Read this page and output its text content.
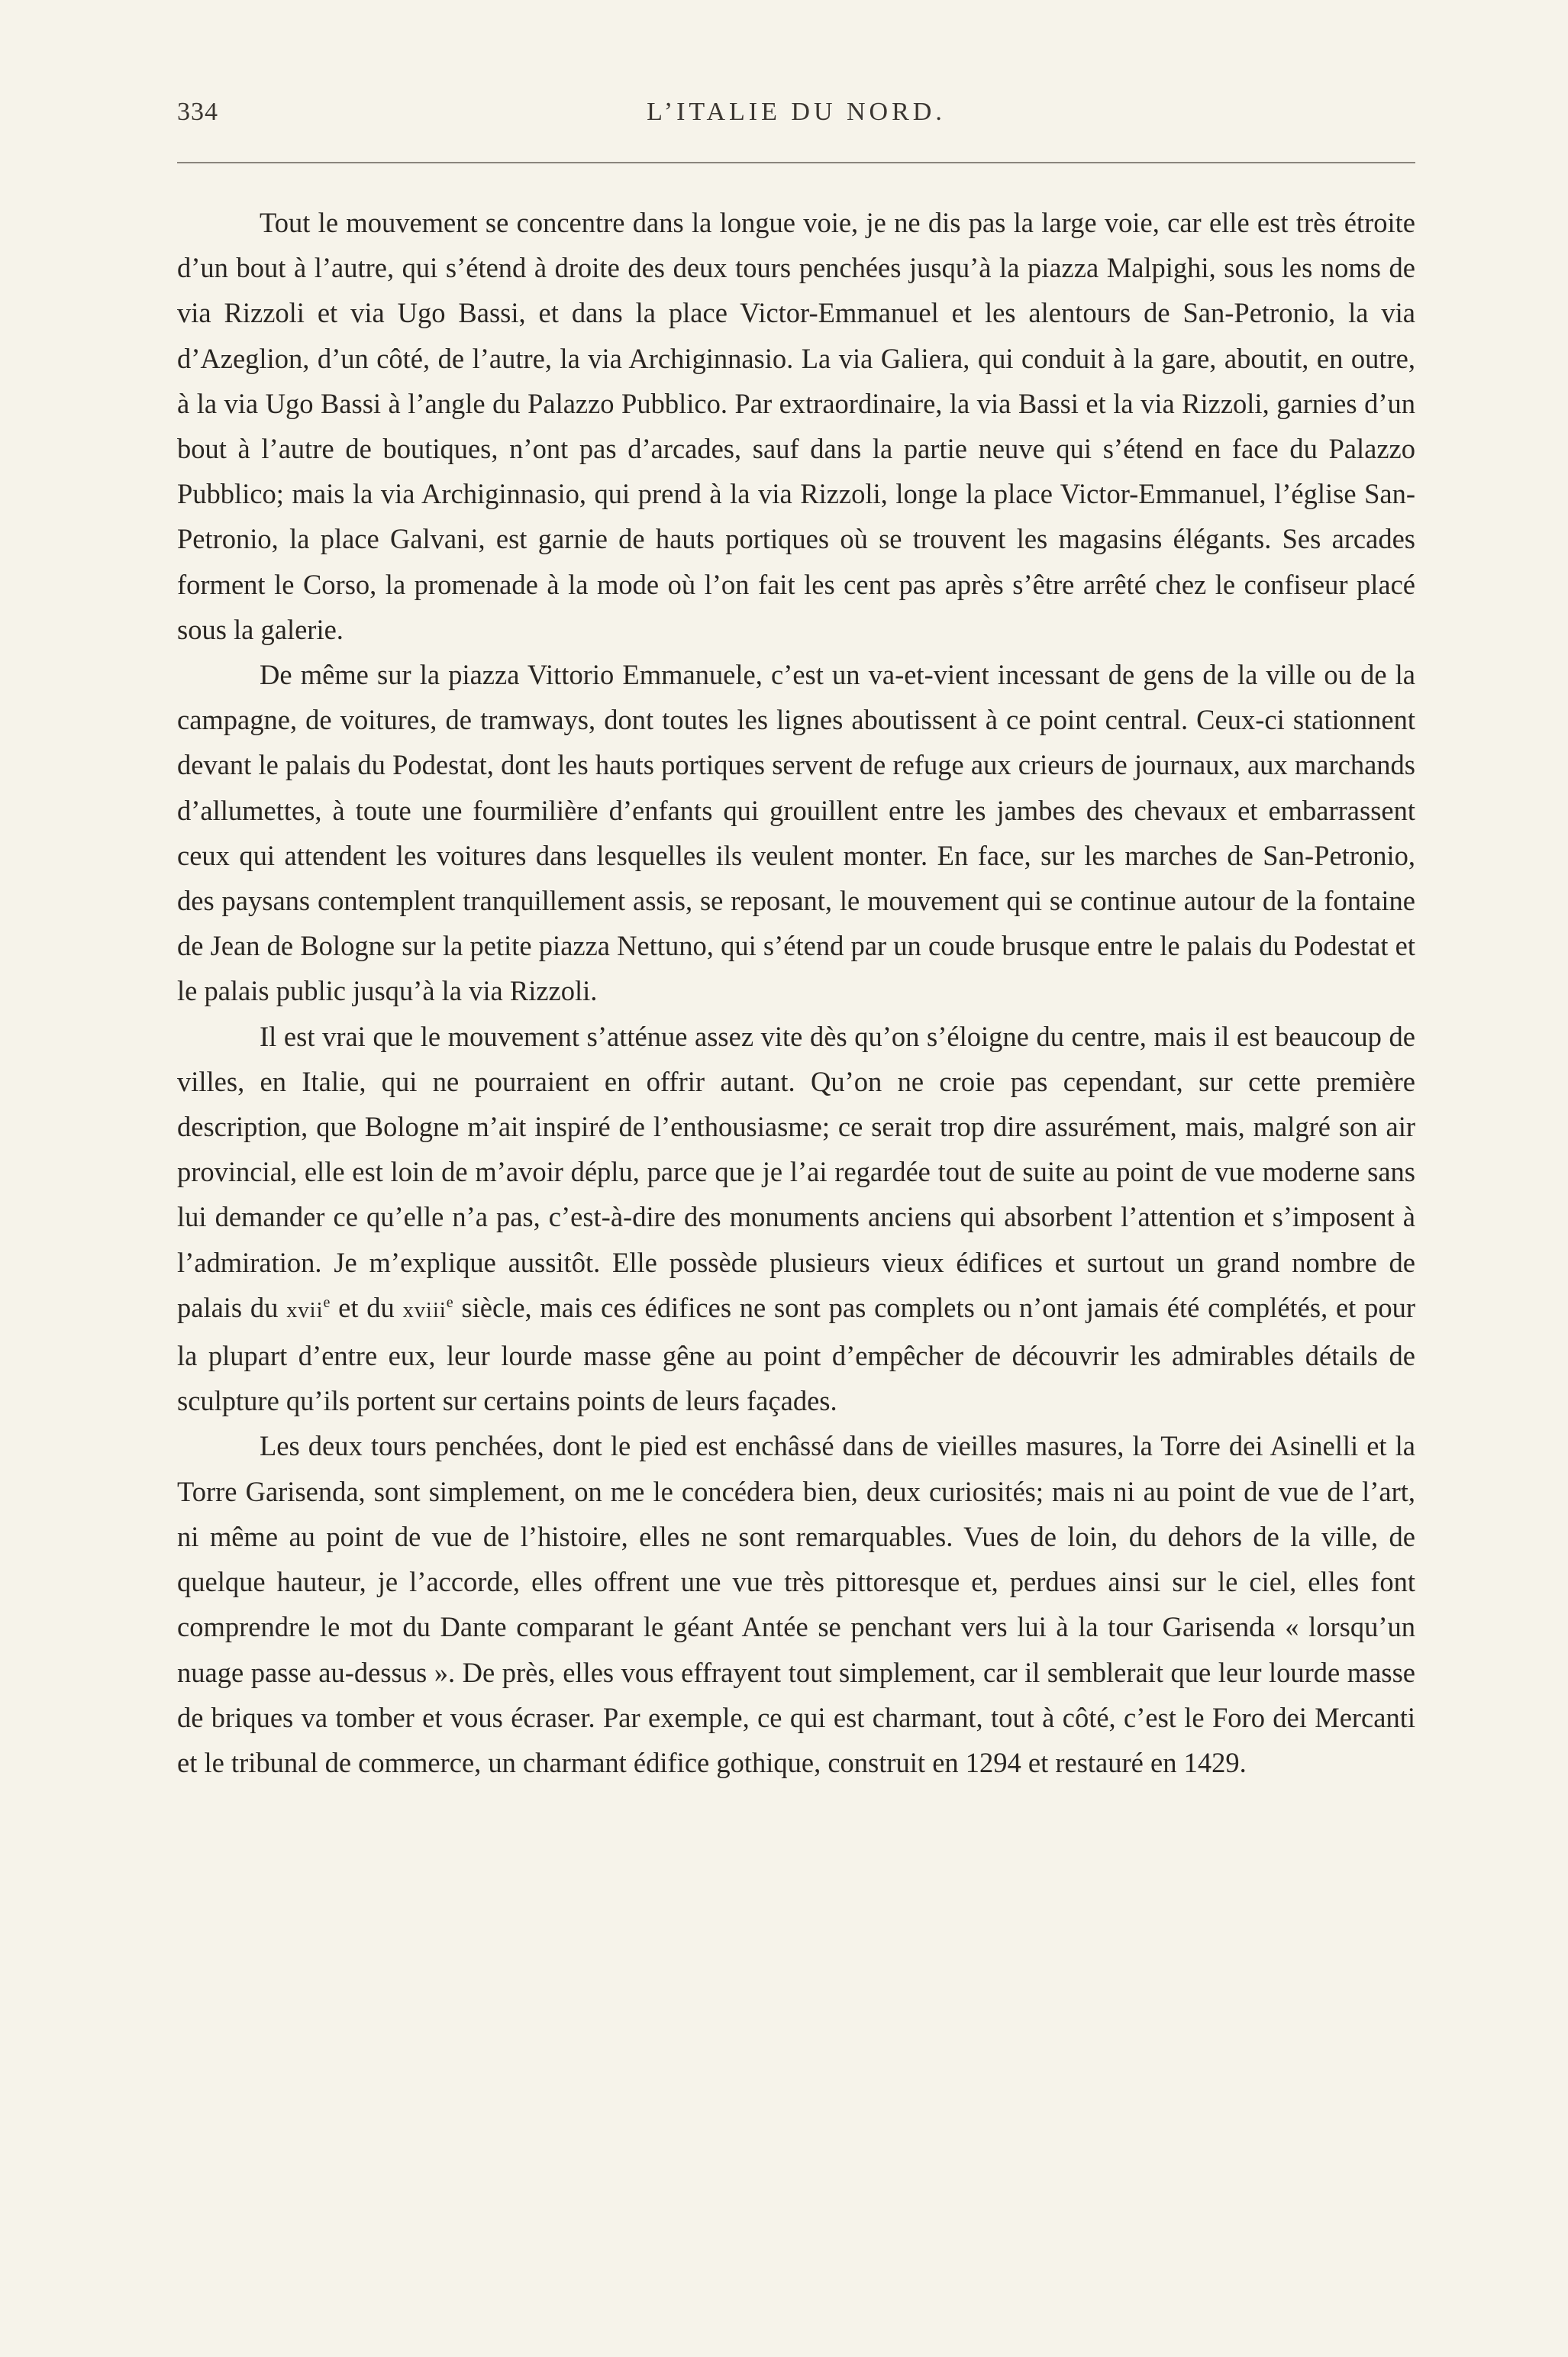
334	L’ITALIE DU NORD.

Tout le mouvement se concentre dans la longue voie, je ne dis pas la large voie, car elle est très étroite d’un bout à l’autre, qui s’étend à droite des deux tours penchées jusqu’à la piazza Malpighi, sous les noms de via Rizzoli et via Ugo Bassi, et dans la place Victor-Emmanuel et les alentours de San-Petronio, la via d’Azeglion, d’un côté, de l’autre, la via Archiginnasio. La via Galiera, qui conduit à la gare, aboutit, en outre, à la via Ugo Bassi à l’angle du Palazzo Pubblico. Par extraordinaire, la via Bassi et la via Rizzoli, garnies d’un bout à l’autre de boutiques, n’ont pas d’arcades, sauf dans la partie neuve qui s’étend en face du Palazzo Pubblico; mais la via Archiginnasio, qui prend à la via Rizzoli, longe la place Victor-Emmanuel, l’église San-Petronio, la place Galvani, est garnie de hauts portiques où se trouvent les magasins élégants. Ses arcades forment le Corso, la promenade à la mode où l’on fait les cent pas après s’être arrêté chez le confiseur placé sous la galerie.

De même sur la piazza Vittorio Emmanuele, c’est un va-et-vient incessant de gens de la ville ou de la campagne, de voitures, de tramways, dont toutes les lignes aboutissent à ce point central. Ceux-ci stationnent devant le palais du Podestat, dont les hauts portiques servent de refuge aux crieurs de journaux, aux marchands d’allumettes, à toute une fourmilière d’enfants qui grouillent entre les jambes des chevaux et embarrassent ceux qui attendent les voitures dans lesquelles ils veulent monter. En face, sur les marches de San-Petronio, des paysans contemplent tranquillement assis, se reposant, le mouvement qui se continue autour de la fontaine de Jean de Bologne sur la petite piazza Nettuno, qui s’étend par un coude brusque entre le palais du Podestat et le palais public jusqu’à la via Rizzoli.

Il est vrai que le mouvement s’atténue assez vite dès qu’on s’éloigne du centre, mais il est beaucoup de villes, en Italie, qui ne pourraient en offrir autant. Qu’on ne croie pas cependant, sur cette première description, que Bologne m’ait inspiré de l’enthousiasme; ce serait trop dire assurément, mais, malgré son air provincial, elle est loin de m’avoir déplu, parce que je l’ai regardée tout de suite au point de vue moderne sans lui demander ce qu’elle n’a pas, c’est-à-dire des monuments anciens qui absorbent l’attention et s’imposent à l’admiration. Je m’explique aussitôt. Elle possède plusieurs vieux édifices et surtout un grand nombre de palais du xvii$^e$ et du xviii$^e$ siècle, mais ces édifices ne sont pas complets ou n’ont jamais été complétés, et pour la plupart d’entre eux, leur lourde masse gêne au point d’empêcher de découvrir les admirables détails de sculpture qu’ils portent sur certains points de leurs façades.

Les deux tours penchées, dont le pied est enchâssé dans de vieilles masures, la Torre dei Asinelli et la Torre Garisenda, sont simplement, on me le concédera bien, deux curiosités; mais ni au point de vue de l’art, ni même au point de vue de l’histoire, elles ne sont remarquables. Vues de loin, du dehors de la ville, de quelque hauteur, je l’accorde, elles offrent une vue très pittoresque et, perdues ainsi sur le ciel, elles font comprendre le mot du Dante comparant le géant Antée se penchant vers lui à la tour Garisenda « lorsqu’un nuage passe au-dessus ». De près, elles vous effrayent tout simplement, car il semblerait que leur lourde masse de briques va tomber et vous écraser. Par exemple, ce qui est charmant, tout à côté, c’est le Foro dei Mercanti et le tribunal de commerce, un charmant édifice gothique, construit en 1294 et restauré en 1429.
